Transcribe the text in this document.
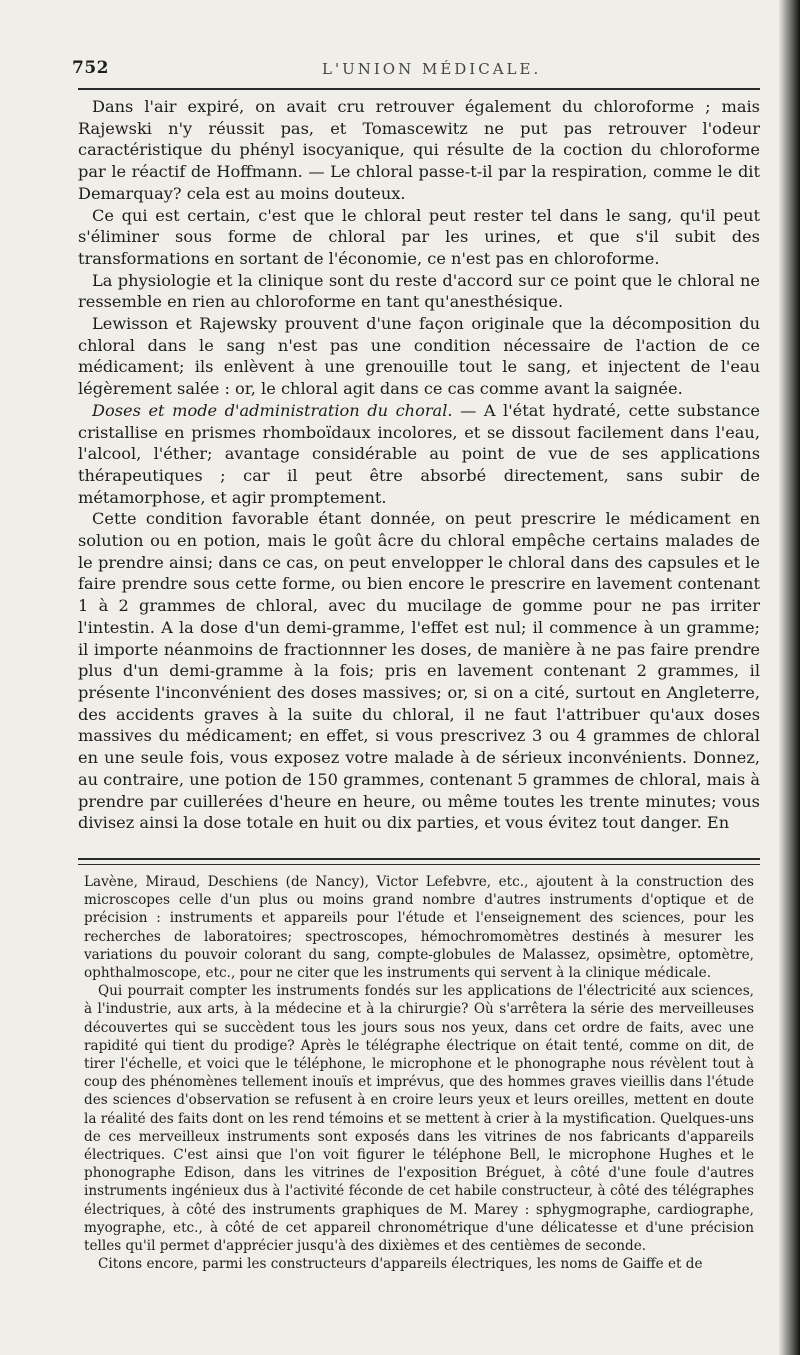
752	L'UNION MÉDICALE.

Dans l'air expiré, on avait cru retrouver également du chloroforme ; mais Rajewski n'y réussit pas, et Tomascewitz ne put pas retrouver l'odeur caractéristique du phényl isocyanique, qui résulte de la coction du chloroforme par le réactif de Hoffmann. — Le chloral passe-t-il par la respiration, comme le dit Demarquay? cela est au moins douteux.

Ce qui est certain, c'est que le chloral peut rester tel dans le sang, qu'il peut s'éliminer sous forme de chloral par les urines, et que s'il subit des transformations en sortant de l'économie, ce n'est pas en chloroforme.

La physiologie et la clinique sont du reste d'accord sur ce point que le chloral ne ressemble en rien au chloroforme en tant qu'anesthésique.

Lewisson et Rajewsky prouvent d'une façon originale que la décomposition du chloral dans le sang n'est pas une condition nécessaire de l'action de ce médicament; ils enlèvent à une grenouille tout le sang, et injectent de l'eau légèrement salée : or, le chloral agit dans ce cas comme avant la saignée.

Doses et mode d'administration du choral. — A l'état hydraté, cette substance cristallise en prismes rhomboïdaux incolores, et se dissout facilement dans l'eau, l'alcool, l'éther; avantage considérable au point de vue de ses applications thérapeutiques ; car il peut être absorbé directement, sans subir de métamorphose, et agir promptement.

Cette condition favorable étant donnée, on peut prescrire le médicament en solution ou en potion, mais le goût âcre du chloral empêche certains malades de le prendre ainsi; dans ce cas, on peut envelopper le chloral dans des capsules et le faire prendre sous cette forme, ou bien encore le prescrire en lavement contenant 1 à 2 grammes de chloral, avec du mucilage de gomme pour ne pas irriter l'intestin. A la dose d'un demi-gramme, l'effet est nul; il commence à un gramme; il importe néanmoins de fractionnner les doses, de manière à ne pas faire prendre plus d'un demi-gramme à la fois; pris en lavement contenant 2 grammes, il présente l'inconvénient des doses massives; or, si on a cité, surtout en Angleterre, des accidents graves à la suite du chloral, il ne faut l'attribuer qu'aux doses massives du médicament; en effet, si vous prescrivez 3 ou 4 grammes de chloral en une seule fois, vous exposez votre malade à de sérieux inconvénients. Donnez, au contraire, une potion de 150 grammes, contenant 5 grammes de chloral, mais à prendre par cuillerées d'heure en heure, ou même toutes les trente minutes; vous divisez ainsi la dose totale en huit ou dix parties, et vous évitez tout danger. En

Lavène, Miraud, Deschiens (de Nancy), Victor Lefebvre, etc., ajoutent à la construction des microscopes celle d'un plus ou moins grand nombre d'autres instruments d'optique et de précision : instruments et appareils pour l'étude et l'enseignement des sciences, pour les recherches de laboratoires; spectroscopes, hémochromomètres destinés à mesurer les variations du pouvoir colorant du sang, compte-globules de Malassez, opsimètre, optomètre, ophthalmoscope, etc., pour ne citer que les instruments qui servent à la clinique médicale.

Qui pourrait compter les instruments fondés sur les applications de l'électricité aux sciences, à l'industrie, aux arts, à la médecine et à la chirurgie? Où s'arrêtera la série des merveilleuses découvertes qui se succèdent tous les jours sous nos yeux, dans cet ordre de faits, avec une rapidité qui tient du prodige? Après le télégraphe électrique on était tenté, comme on dit, de tirer l'échelle, et voici que le téléphone, le microphone et le phonographe nous révèlent tout à coup des phénomènes tellement inouïs et imprévus, que des hommes graves vieillis dans l'étude des sciences d'observation se refusent à en croire leurs yeux et leurs oreilles, mettent en doute la réalité des faits dont on les rend témoins et se mettent à crier à la mystification. Quelques-uns de ces merveilleux instruments sont exposés dans les vitrines de nos fabricants d'appareils électriques. C'est ainsi que l'on voit figurer le téléphone Bell, le microphone Hughes et le phonographe Edison, dans les vitrines de l'exposition Bréguet, à côté d'une foule d'autres instruments ingénieux dus à l'activité féconde de cet habile constructeur, à côté des télégraphes électriques, à côté des instruments graphiques de M. Marey : sphygmographe, cardiographe, myographe, etc., à côté de cet appareil chronométrique d'une délicatesse et d'une précision telles qu'il permet d'apprécier jusqu'à des dixièmes et des centièmes de seconde.

Citons encore, parmi les constructeurs d'appareils électriques, les noms de Gaiffe et de
